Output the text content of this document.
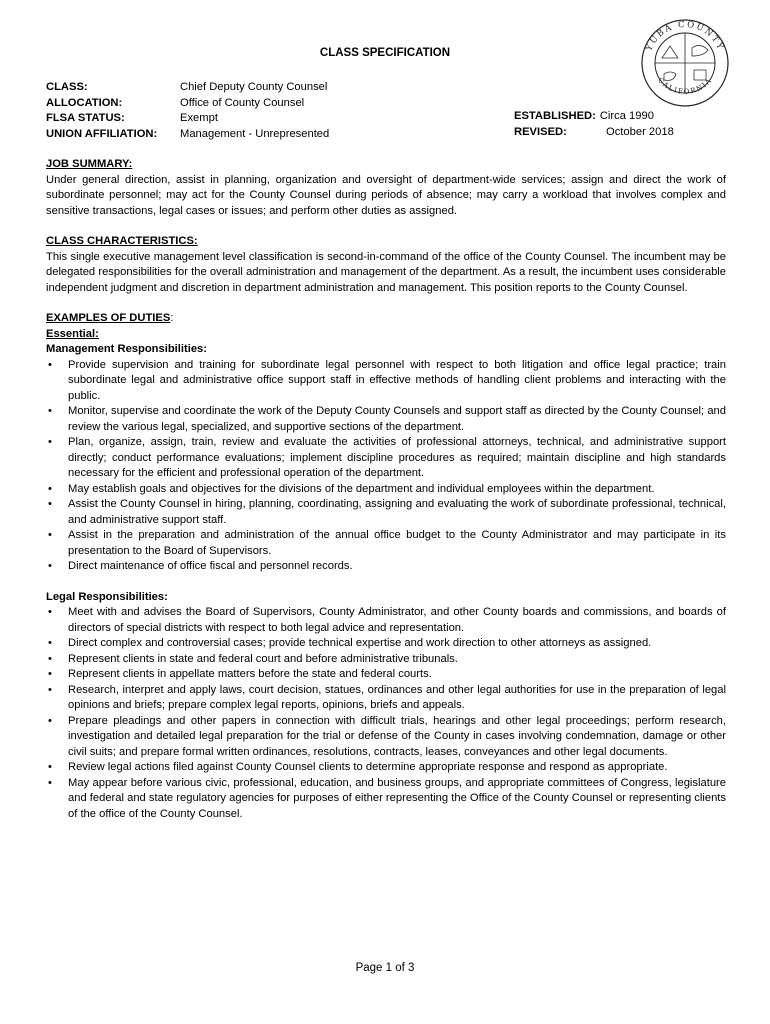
CLASS SPECIFICATION	YUBA COUNTY
CALIFORNIA
CLASS:	Chief Deputy County Counsel
ALLOCATION:	Office of County Counsel
FLSA STATUS:	Exempt
UNION AFFILIATION:	Management - Unrepresented
ESTABLISHED: Circa 1990
REVISED:	October 2018
JOB SUMMARY:

Under general direction, assist in planning, organization and oversight of department-wide services; assign and direct the work of subordinate personnel; may act for the County Counsel during periods of absence; may carry a workload that involves complex and sensitive transactions, legal cases or issues; and perform other duties as assigned.

CLASS CHARACTERISTICS:

This single executive management level classification is second-in-command of the office of the County Counsel. The incumbent may be delegated responsibilities for the overall administration and management of the department. As a result, the incumbent uses considerable independent judgment and discretion in department administration and management. This position reports to the County Counsel.

EXAMPLES OF DUTIES:
Essential:
Management Responsibilities:
• Provide supervision and training for subordinate legal personnel with respect to both litigation and office legal practice; train subordinate legal and administrative office support staff in effective methods of handling client problems and interacting with the public.
• Monitor, supervise and coordinate the work of the Deputy County Counsels and support staff as directed by the County Counsel; and review the various legal, specialized, and supportive sections of the department.
• Plan, organize, assign, train, review and evaluate the activities of professional attorneys, technical, and administrative support directly; conduct performance evaluations; implement discipline procedures as required; maintain discipline and high standards necessary for the efficient and professional operation of the department.
• May establish goals and objectives for the divisions of the department and individual employees within the department.
• Assist the County Counsel in hiring, planning, coordinating, assigning and evaluating the work of subordinate professional, technical, and administrative support staff.
• Assist in the preparation and administration of the annual office budget to the County Administrator and may participate in its presentation to the Board of Supervisors.
• Direct maintenance of office fiscal and personnel records.
Legal Responsibilities:
• Meet with and advises the Board of Supervisors, County Administrator, and other County boards and commissions, and boards of directors of special districts with respect to both legal advice and representation.
• Direct complex and controversial cases; provide technical expertise and work direction to other attorneys as assigned.
• Represent clients in state and federal court and before administrative tribunals.
• Represent clients in appellate matters before the state and federal courts.
• Research, interpret and apply laws, court decision, statues, ordinances and other legal authorities for use in the preparation of legal opinions and briefs; prepare complex legal reports, opinions, briefs and appeals.
• Prepare pleadings and other papers in connection with difficult trials, hearings and other legal proceedings; perform research, investigation and detailed legal preparation for the trial or defense of the County in cases involving condemnation, damage or other civil suits; and prepare formal written ordinances, resolutions, contracts, leases, conveyances and other legal documents.
• Review legal actions filed against County Counsel clients to determine appropriate response and respond as appropriate.
• May appear before various civic, professional, education, and business groups, and appropriate committees of Congress, legislature and federal and state regulatory agencies for purposes of either representing the Office of the County Counsel or representing clients of the office of the County Counsel.
Page 1 of 3
